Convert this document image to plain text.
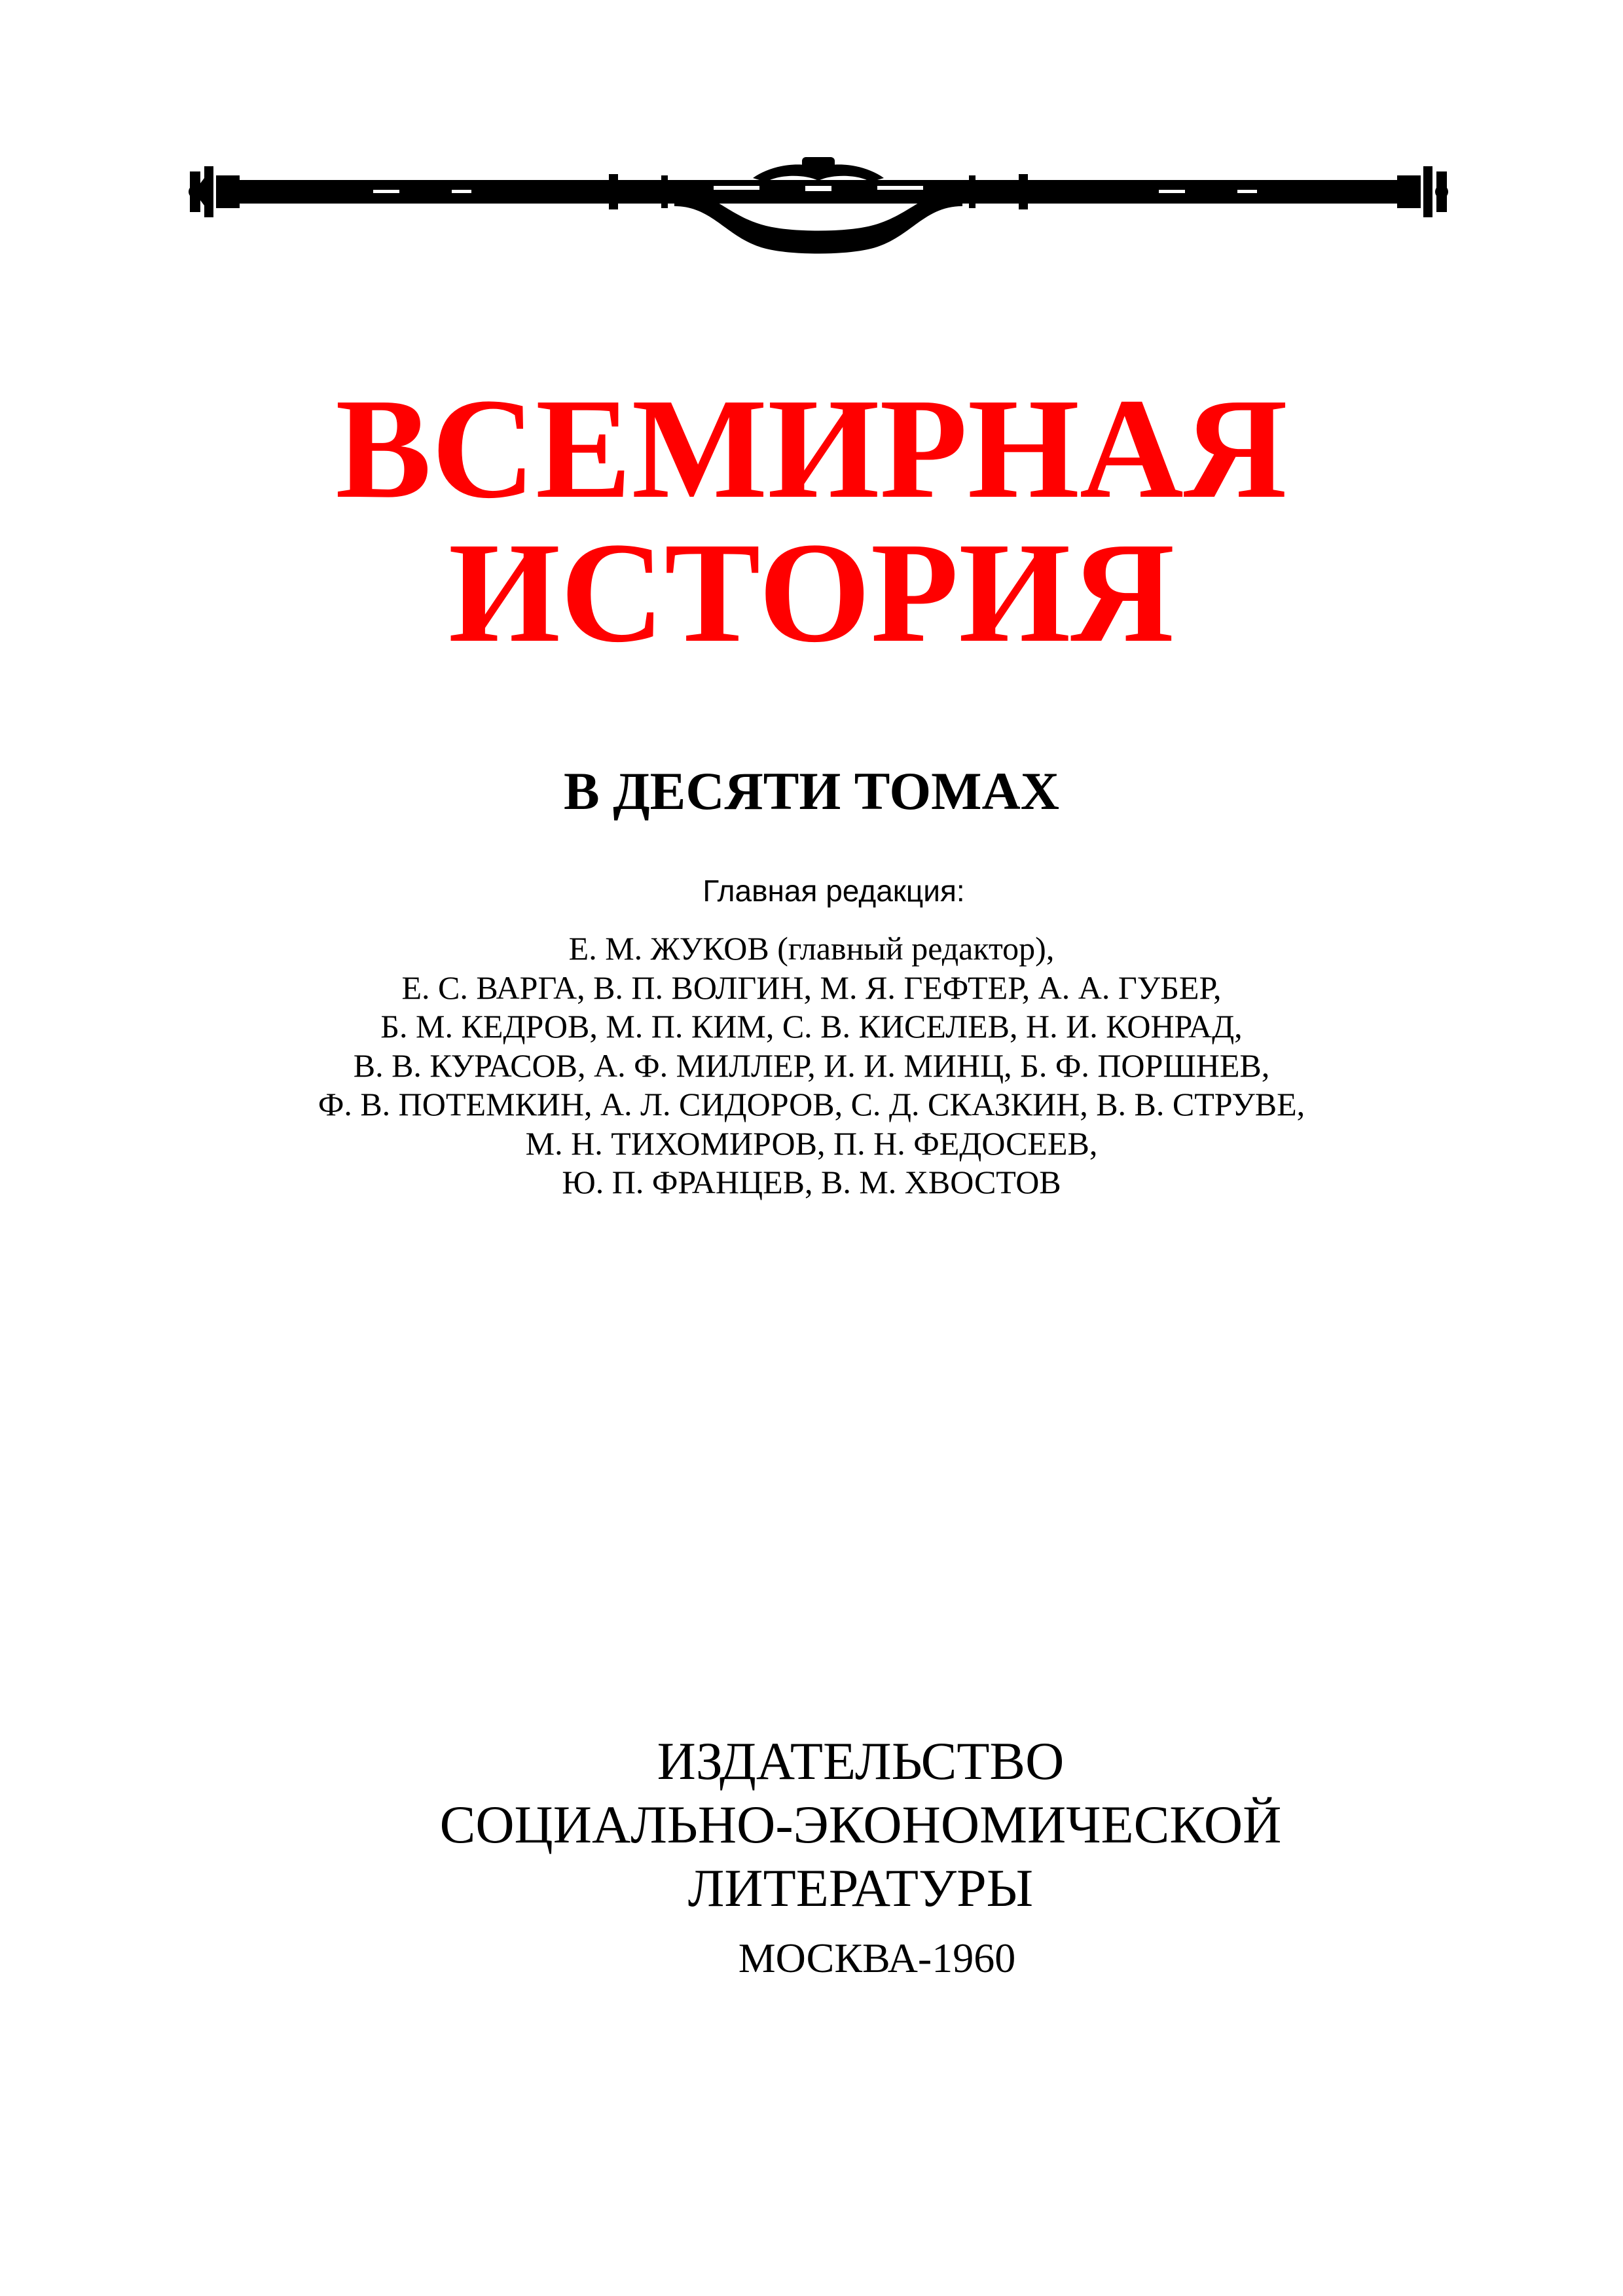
ВСЕМИРНАЯ
ИСТОРИЯ
В ДЕСЯТИ ТОМАХ
Главная редакция:
Е. М. ЖУКОВ (главный редактор),
Е. С. ВАРГА, В. П. ВОЛГИН, М. Я. ГЕФТЕР, А. А. ГУБЕР,
Б. М. КЕДРОВ, М. П. КИМ, С. В. КИСЕЛЕВ, Н. И. КОНРАД,
В. В. КУРАСОВ, А. Ф. МИЛЛЕР, И. И. МИНЦ, Б. Ф. ПОРШНЕВ,
Ф. В. ПОТЕМКИН, А. Л. СИДОРОВ, С. Д. СКАЗКИН, В. В. СТРУВЕ,
М. Н. ТИХОМИРОВ, П. Н. ФЕДОСЕЕВ,
Ю. П. ФРАНЦЕВ, В. М. ХВОСТОВ
ИЗДАТЕЛЬСТВО
СОЦИАЛЬНО-ЭКОНОМИЧЕСКОЙ
ЛИТЕРАТУРЫ
МОСКВА-1960
